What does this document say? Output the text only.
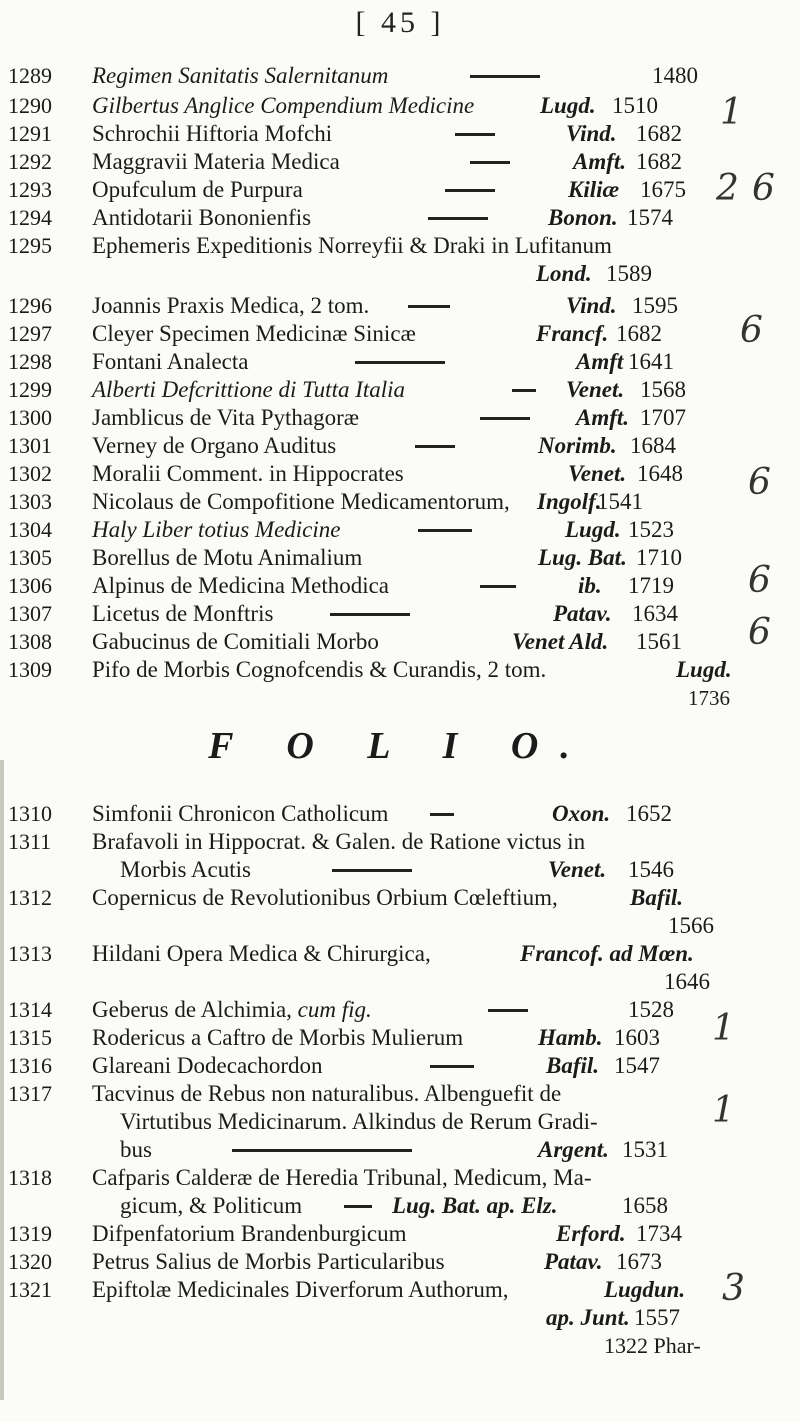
[ 45 ]
1289	Regimen Sanitatis Salernitanum	1480
1290	Gilbertus Anglice Compendium Medicine	Lugd. 1510
1291	Schrochii Hiftoria Mofchi	Vind. 1682
1292	Maggravii Materia Medica	Amft. 1682
1293	Opufculum de Purpura	Kiliæ 1675
1294	Antidotarii Bononienfis	Bonon. 1574
1295	Ephemeris Expeditionis Norreyfii & Draki in Lufitanum
Lond. 1589
1296	Joannis Praxis Medica, 2 tom.	Vind. 1595
1297	Cleyer Specimen Medicinæ Sinicæ	Francf. 1682
1298	Fontani Analecta	Amft 1641
1299	Alberti Defcrittione di Tutta Italia	Venet. 1568
1300	Jamblicus de Vita Pythagoræ	Amft. 1707
1301	Verney de Organo Auditus	Norimb. 1684
1302	Moralii Comment. in Hippocrates	Venet. 1648
1303	Nicolaus de Compofitione Medicamentorum, Ingolf.
1541
1304	Haly Liber totius Medicine	Lugd. 1523
1305	Borellus de Motu Animalium	Lug. Bat. 1710
1306	Alpinus de Medicina Methodica	ib. 1719
1307	Licetus de Monftris	Patav. 1634
1308	Gabucinus de Comitiali Morbo	Venet Ald. 1561
1309	Pifo de Morbis Cognofcendis & Curandis, 2 tom.	Lugd.
1736
F O L I O.
1310	Simfonii Chronicon Catholicum	Oxon. 1652
1311	Brafavoli in Hippocrat. & Galen. de Ratione victus in
Morbis Acutis	Venet. 1546
1312	Copernicus de Revolutionibus Orbium Cœleftium,	Bafil.
1566
1313	Hildani Opera Medica & Chirurgica,	Francof. ad Mœn.
1646
1314	Geberus de Alchimia, cum fig.	1528
1315	Rodericus a Caftro de Morbis Mulierum	Hamb. 1603
1316	Glareani Dodecachordon	Bafil. 1547
1317	Tacvinus de Rebus non naturalibus. Albenguefit de
Virtutibus Medicinarum. Alkindus de Rerum Gradi-
bus	Argent. 1531
1318	Cafparis Calderæ de Heredia Tribunal, Medicum, Ma-
gicum, & Politicum	Lug. Bat. ap. Elz.	1658
1319	Difpenfatorium Brandenburgicum	Erford. 1734
1320	Petrus Salius de Morbis Particularibus	Patav. 1673
1321	Epiftolæ Medicinales Diverforum Authorum,	Lugdun.
ap. Junt. 1557
1322 Phar-
1
2 6
6
6
6
6
1
1
3
